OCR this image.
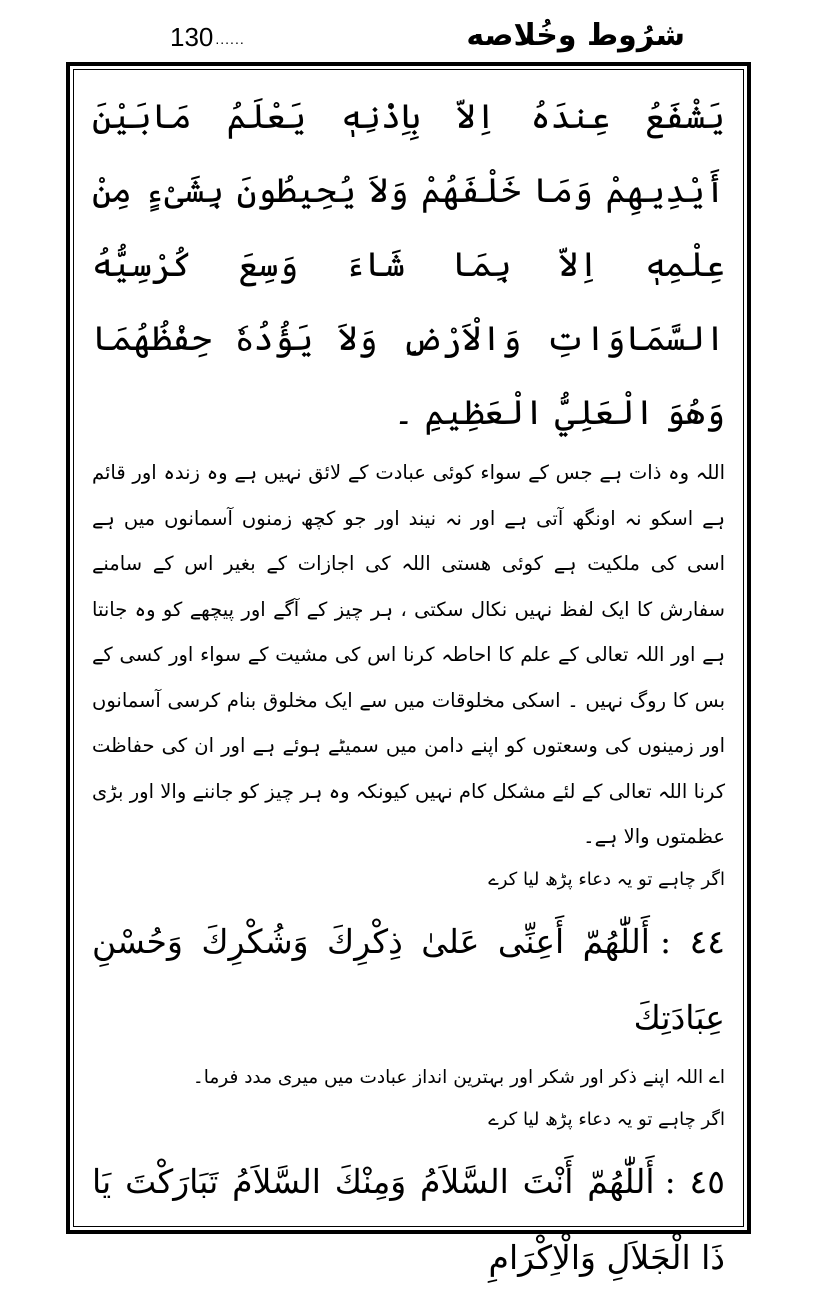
130 ......	شرُوط وخُلاصه

يَشْفَعُ عِندَهُ اِلاّ بِاِذْنِهٖ يَعْلَمُ مَابَيْنَ أَيْدِيهِمْ وَمَا خَلْفَهُمْ وَلاَ يُحِيطُونَ بِشَىْءٍ مِنْ عِلْمِهٖ اِلاّ بِمَا شَاءَ وَسِعَ كُرْسِيُّهُ السَّمَاوَاتِ وَالْاَرْضِ وَلاَ يَؤُدُهٗ حِفْظُهُمَا وَهُوَ الْعَلِيُّ الْعَظِيمِ ۔

اللہ وہ ذات ہے جس کے سواء کوئی عبادت کے لائق نہیں ہے وہ زندہ اور قائم ہے اسکو نہ اونگھ آتی ہے اور نہ نیند اور جو کچھ زمنوں آسمانوں میں ہے اسی کی ملکیت ہے کوئی ھستی اللہ کی اجازات کے بغیر اس کے سامنے سفارش کا ایک لفظ نہیں نکال سکتی ، ہر چیز کے آگے اور پیچھے کو وہ جانتا ہے اور اللہ تعالی کے علم کا احاطہ کرنا اس کی مشیت کے سواء اور کسی کے بس کا روگ نہیں ۔ اسکی مخلوقات میں سے ایک مخلوق بنام کرسی آسمانوں اور زمینوں کی وسعتوں کو اپنے دامن میں سمیٹے ہوئے ہے اور ان کی حفاظت کرنا اللہ تعالی کے لئے مشکل کام نہیں کیونکہ وہ ہر چیز کو جاننے والا اور بڑی عظمتوں والا ہے۔

اگر چاہے تو یہ دعاء پڑھ لیا کرے

٤٤ :أَللّٰهُمّ أَعِنِّى عَلىٰ ذِكْرِكَ وَشُكْرِكَ وَحُسْنِ عِبَادَتِكَ

اے اللہ اپنے ذکر اور شکر اور بہترین انداز عبادت میں میری مدد فرما۔

اگر چاہے تو یہ دعاء پڑھ لیا کرے

٤٥ :أَللّٰهُمّ أَنْتَ السَّلاَمُ وَمِنْكَ السَّلاَمُ تَبَارَكْتَ يَا ذَا الْجَلاَلِ وَالْاِكْرَامِ
